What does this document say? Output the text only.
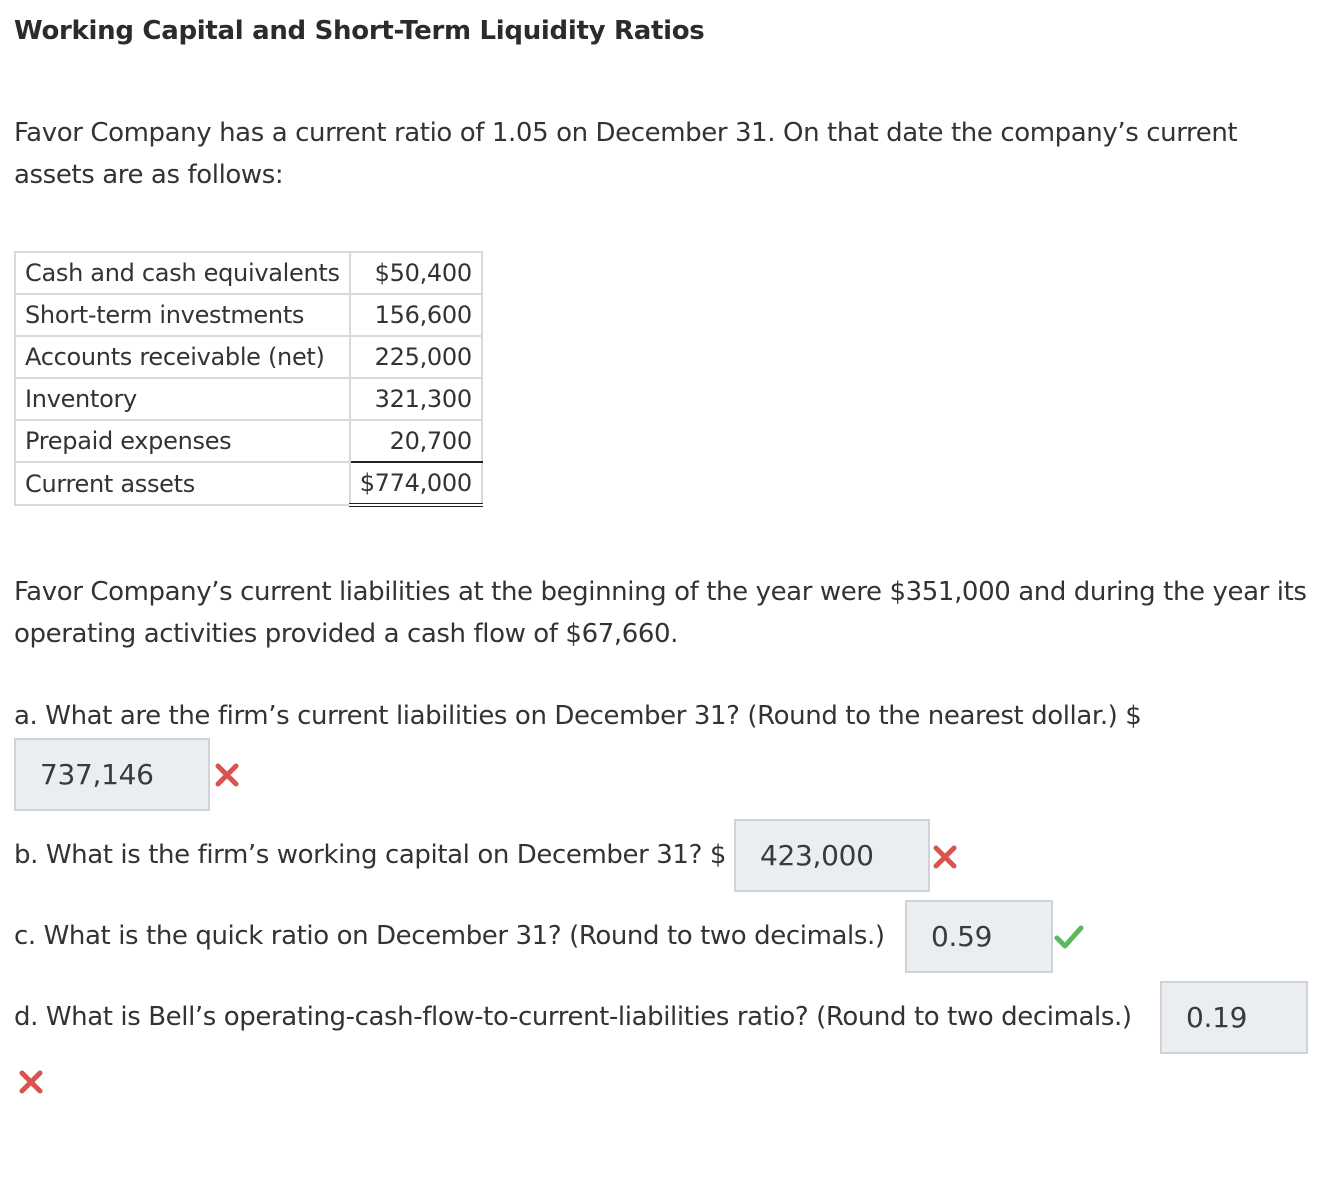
Working Capital and Short-Term Liquidity Ratios

Favor Company has a current ratio of 1.05 on December 31. On that date the company’s current assets are as follows:

Cash and cash equivalents	$50,400
Short-term investments	156,600
Accounts receivable (net)	225,000
Inventory	321,300
Prepaid expenses	20,700
Current assets	$774,000

Favor Company’s current liabilities at the beginning of the year were $351,000 and during the year its operating activities provided a cash flow of $67,660.

a. What are the firm’s current liabilities on December 31? (Round to the nearest dollar.) $
737,146
b. What is the firm’s working capital on December 31? $	423,000
c. What is the quick ratio on December 31? (Round to two decimals.)	0.59
d. What is Bell’s operating-cash-flow-to-current-liabilities ratio? (Round to two decimals.)	0.19
